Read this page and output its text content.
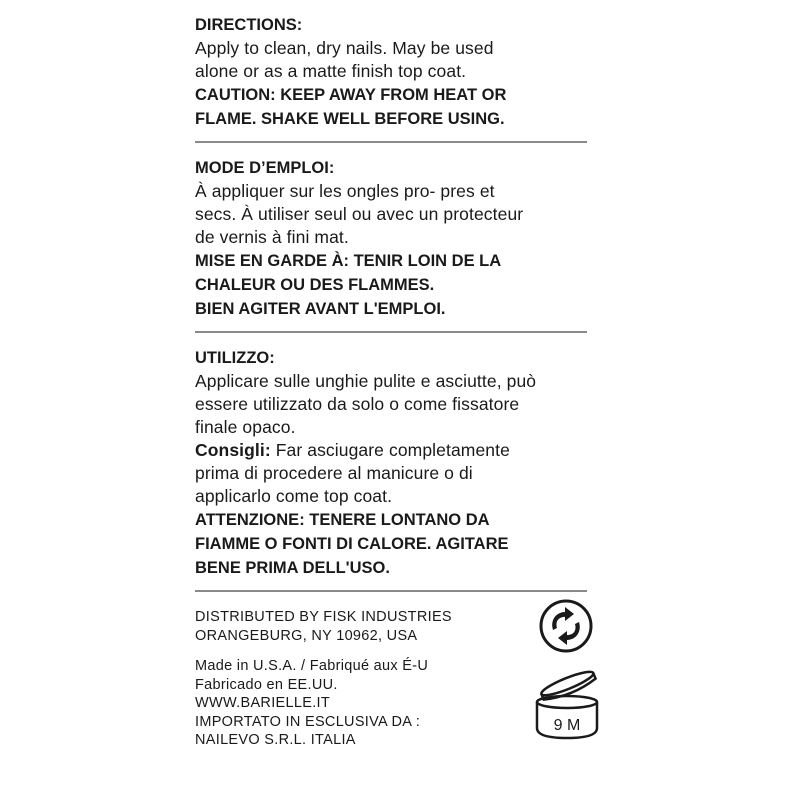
DIRECTIONS:
Apply to clean, dry nails. May be used
alone or as a matte finish top coat.
CAUTION: KEEP AWAY FROM HEAT OR
FLAME. SHAKE WELL BEFORE USING.
MODE D’EMPLOI:
À appliquer sur les ongles pro- pres et
secs. À utiliser seul ou avec un protecteur
de vernis à fini mat.
MISE EN GARDE À: TENIR LOIN DE LA
CHALEUR OU DES FLAMMES.
BIEN AGITER AVANT L'EMPLOI.
UTILIZZO:
Applicare sulle unghie pulite e asciutte, può
essere utilizzato da solo o come fissatore
finale opaco.
Consigli: Far asciugare completamente
prima di procedere al manicure o di
applicarlo come top coat.
ATTENZIONE: TENERE LONTANO DA
FIAMME O FONTI DI CALORE. AGITARE
BENE PRIMA DELL'USO.
DISTRIBUTED BY FISK INDUSTRIES
ORANGEBURG, NY 10962, USA
Made in U.S.A. / Fabriqué aux É-U
Fabricado en EE.UU.
WWW.BARIELLE.IT
IMPORTATO IN ESCLUSIVA DA :
NAILEVO S.R.L. ITALIA
9 M
